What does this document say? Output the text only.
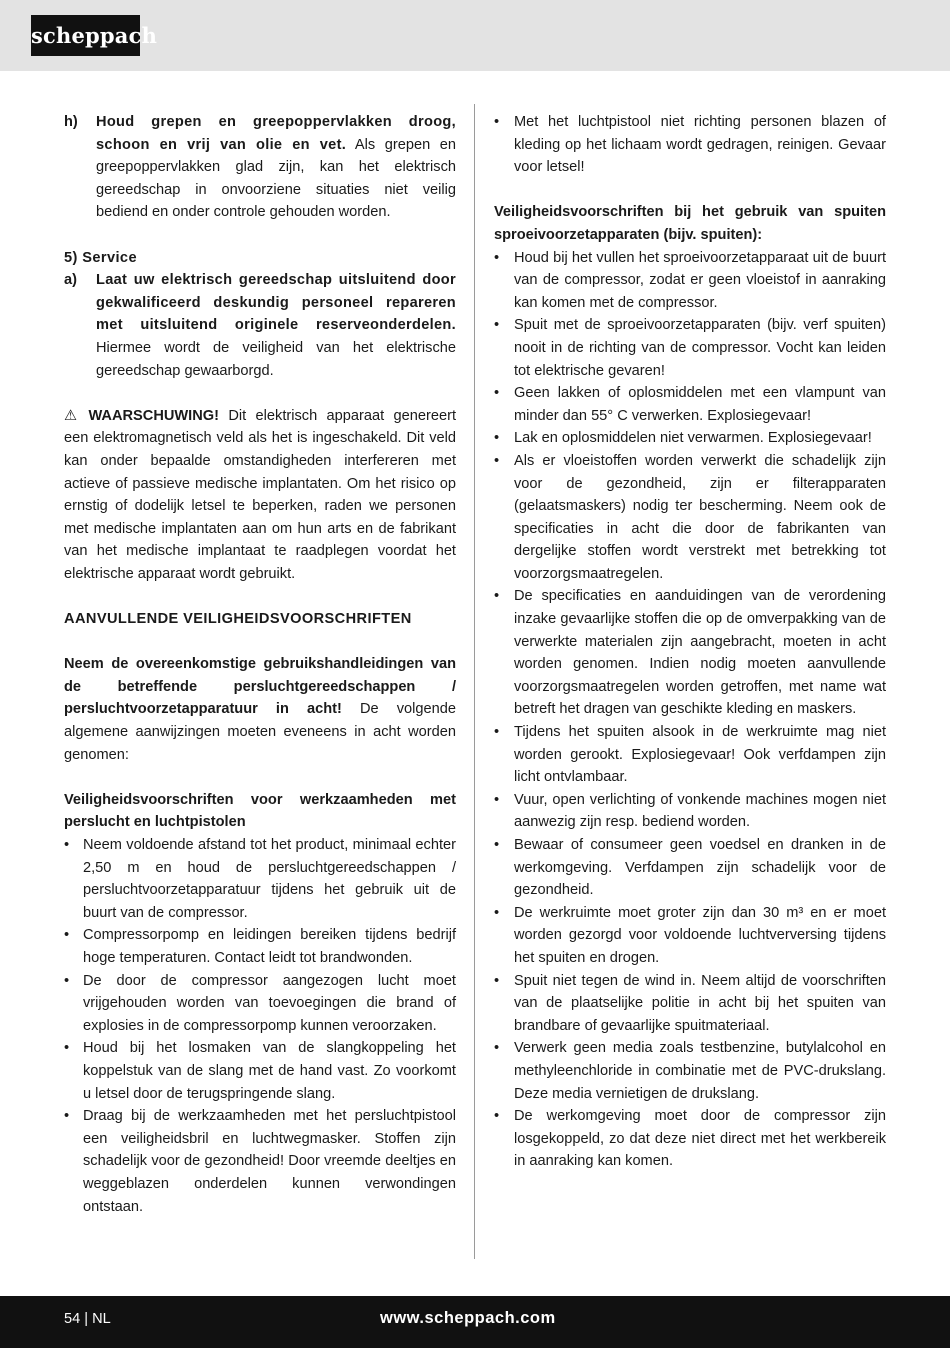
scheppach
h)	Houd grepen en greepoppervlakken droog, schoon en vrij van olie en vet. Als grepen en greepoppervlakken glad zijn, kan het elektrisch gereedschap in onvoorziene situaties niet veilig bediend en onder controle gehouden worden.
5) Service
a)	Laat uw elektrisch gereedschap uitsluitend door gekwalificeerd deskundig personeel repareren met uitsluitend originele reserveonderdelen. Hiermee wordt de veiligheid van het elektrische gereedschap gewaarborgd.

⚠ WAARSCHUWING! Dit elektrisch apparaat genereert een elektromagnetisch veld als het is ingeschakeld. Dit veld kan onder bepaalde omstandigheden interfereren met actieve of passieve medische implantaten. Om het risico op ernstig of dodelijk letsel te beperken, raden we personen met medische implantaten aan om hun arts en de fabrikant van het medische implantaat te raadplegen voordat het elektrische apparaat wordt gebruikt.

AANVULLENDE VEILIGHEIDSVOORSCHRIFTEN

Neem de overeenkomstige gebruikshandleidingen van de betreffende persluchtgereedschappen / persluchtvoorzetapparatuur in acht! De volgende algemene aanwijzingen moeten eveneens in acht worden genomen:

Veiligheidsvoorschriften voor werkzaamheden met perslucht en luchtpistolen

• Neem voldoende afstand tot het product, minimaal echter 2,50 m en houd de persluchtgereedschappen / persluchtvoorzetapparatuur tijdens het gebruik uit de buurt van de compressor.
• Compressorpomp en leidingen bereiken tijdens bedrijf hoge temperaturen. Contact leidt tot brandwonden.
• De door de compressor aangezogen lucht moet vrijgehouden worden van toevoegingen die brand of explosies in de compressorpomp kunnen veroorzaken.
• Houd bij het losmaken van de slangkoppeling het koppelstuk van de slang met de hand vast. Zo voorkomt u letsel door de terugspringende slang.
• Draag bij de werkzaamheden met het persluchtpistool een veiligheidsbril en luchtwegmasker. Stoffen zijn schadelijk voor de gezondheid! Door vreemde deeltjes en weggeblazen onderdelen kunnen verwondingen ontstaan.
• Met het luchtpistool niet richting personen blazen of kleding op het lichaam wordt gedragen, reinigen. Gevaar voor letsel!

Veiligheidsvoorschriften bij het gebruik van spuiten sproeivoorzetapparaten (bijv. spuiten):

• Houd bij het vullen het sproeivoorzetapparaat uit de buurt van de compressor, zodat er geen vloeistof in aanraking kan komen met de compressor.
• Spuit met de sproeivoorzetapparaten (bijv. verf spuiten) nooit in de richting van de compressor. Vocht kan leiden tot elektrische gevaren!
• Geen lakken of oplosmiddelen met een vlampunt van minder dan 55° C verwerken. Explosiegevaar!
• Lak en oplosmiddelen niet verwarmen. Explosiegevaar!
• Als er vloeistoffen worden verwerkt die schadelijk zijn voor de gezondheid, zijn er filterapparaten (gelaatsmaskers) nodig ter bescherming. Neem ook de specificaties in acht die door de fabrikanten van dergelijke stoffen wordt verstrekt met betrekking tot voorzorgsmaatregelen.
• De specificaties en aanduidingen van de verordening inzake gevaarlijke stoffen die op de omverpakking van de verwerkte materialen zijn aangebracht, moeten in acht worden genomen. Indien nodig moeten aanvullende voorzorgsmaatregelen worden getroffen, met name wat betreft het dragen van geschikte kleding en maskers.
• Tijdens het spuiten alsook in de werkruimte mag niet worden gerookt. Explosiegevaar! Ook verfdampen zijn licht ontvlambaar.
• Vuur, open verlichting of vonkende machines mogen niet aanwezig zijn resp. bediend worden.
• Bewaar of consumeer geen voedsel en dranken in de werkomgeving. Verfdampen zijn schadelijk voor de gezondheid.
• De werkruimte moet groter zijn dan 30 m³ en er moet worden gezorgd voor voldoende luchtverversing tijdens het spuiten en drogen.
• Spuit niet tegen de wind in. Neem altijd de voorschriften van de plaatselijke politie in acht bij het spuiten van brandbare of gevaarlijke spuitmateriaal.
• Verwerk geen media zoals testbenzine, butylalcohol en methyleenchloride in combinatie met de PVC-drukslang. Deze media vernietigen de drukslang.
• De werkomgeving moet door de compressor zijn losgekoppeld, zo dat deze niet direct met het werkbereik in aanraking kan komen.
54 | NL	www.scheppach.com
